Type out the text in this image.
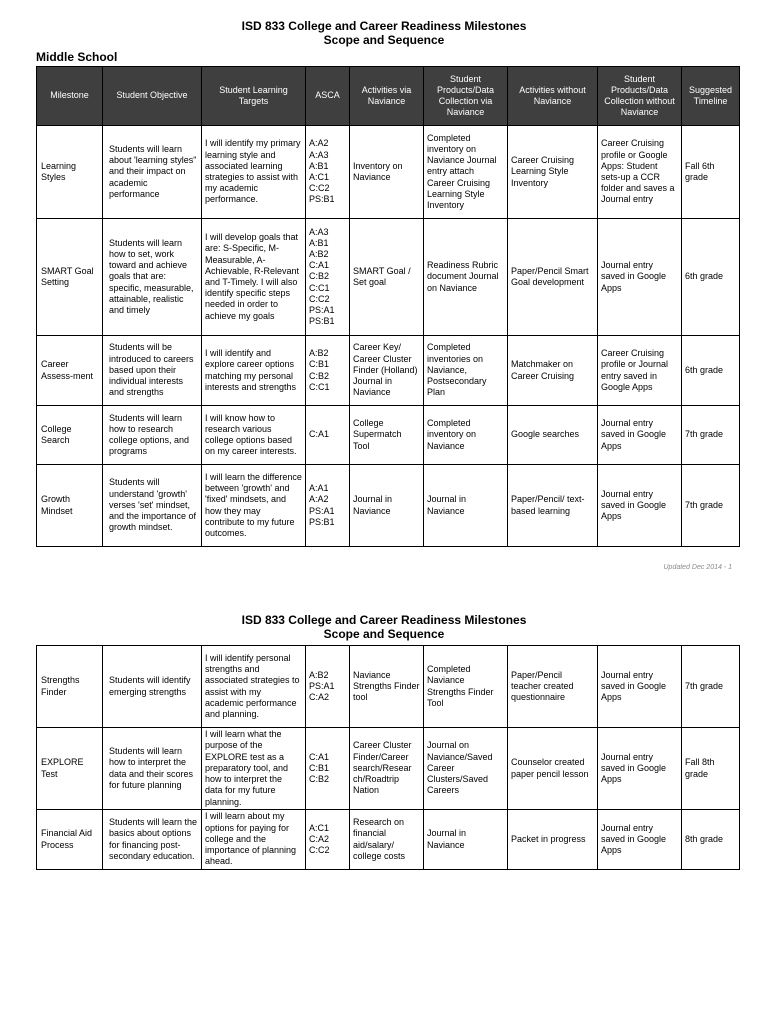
ISD 833 College and Career Readiness Milestones
Scope and Sequence
Middle School
Milestone	Student Objective	Student Learning Targets	ASCA	Activities via Naviance	Student Products/Data Collection via Naviance	Activities without Naviance	Student Products/Data Collection without Naviance	Suggested Timeline
Learning Styles	Students will learn about 'learning styles" and their impact on academic performance	I will identify my primary learning style and associated learning strategies to assist with my academic performance.	A:A2 A:A3 A:B1 A:C1 C:C2 PS:B1	Inventory on Naviance	Completed inventory on Naviance Journal entry attach Career Cruising Learning Style Inventory	Career Cruising Learning Style Inventory	Career Cruising profile or Google Apps: Student sets-up a CCR folder and saves a Journal entry	Fall 6th grade
SMART Goal Setting	Students will learn how to set, work toward and achieve goals that are: specific, measurable, attainable, realistic and timely	I will develop goals that are: S-Specific, M-Measurable, A-Achievable, R-Relevant and T-Timely. I will also identify specific steps needed in order to achieve my goals	A:A3 A:B1 A:B2 C:A1 C:B2 C:C1 C:C2 PS:A1 PS:B1	SMART Goal / Set goal	Readiness Rubric document Journal on Naviance	Paper/Pencil Smart Goal development	Journal entry saved in Google Apps	6th grade
Career Assess-ment	Students will be introduced to careers based upon their individual interests and strengths	I will identify and explore career options matching my personal interests and strengths	A:B2 C:B1 C:B2 C:C1	Career Key/ Career Cluster Finder (Holland) Journal in Naviance	Completed inventories on Naviance, Postsecondary Plan	Matchmaker on Career Cruising	Career Cruising profile or Journal entry saved in Google Apps	6th grade
College Search	Students will learn how to research college options, and programs	I will know how to research various college options based on my career interests.	C:A1	College Supermatch Tool	Completed inventory on Naviance	Google searches	Journal entry saved in Google Apps	7th grade
Growth Mindset	Students will understand 'growth' verses 'set' mindset, and the importance of growth mindset.	I will learn the difference between 'growth' and 'fixed' mindsets, and how they may contribute to my future outcomes.	A:A1 A:A2 PS:A1 PS:B1	Journal in Naviance	Journal in Naviance	Paper/Pencil/ text-based learning	Journal entry saved in Google Apps	7th grade
Updated Dec 2014 - 1
ISD 833 College and Career Readiness Milestones
Scope and Sequence
Strengths Finder	Students will identify emerging strengths	I will identify personal strengths and associated strategies to assist with my academic performance and planning.	A:B2 PS:A1 C:A2	Naviance Strengths Finder tool	Completed Naviance Strengths Finder Tool	Paper/Pencil teacher created questionnaire	Journal entry saved in Google Apps	7th grade
EXPLORE Test	Students will learn how to interpret the data and their scores for future planning	I will learn what the purpose of the EXPLORE test as a preparatory tool, and how to interpret the data for my future planning.	C:A1 C:B1 C:B2	Career Cluster Finder/Career search/Resear ch/Roadtrip Nation	Journal on Naviance/Saved Career Clusters/Saved Careers	Counselor created paper pencil lesson	Journal entry saved in Google Apps	Fall 8th grade
Financial Aid Process	Students will learn the basics about options for financing post-secondary education.	I will learn about my options for paying for college and the importance of planning ahead.	A:C1 C:A2 C:C2	Research on financial aid/salary/ college costs	Journal in Naviance	Packet in progress	Journal entry saved in Google Apps	8th grade
